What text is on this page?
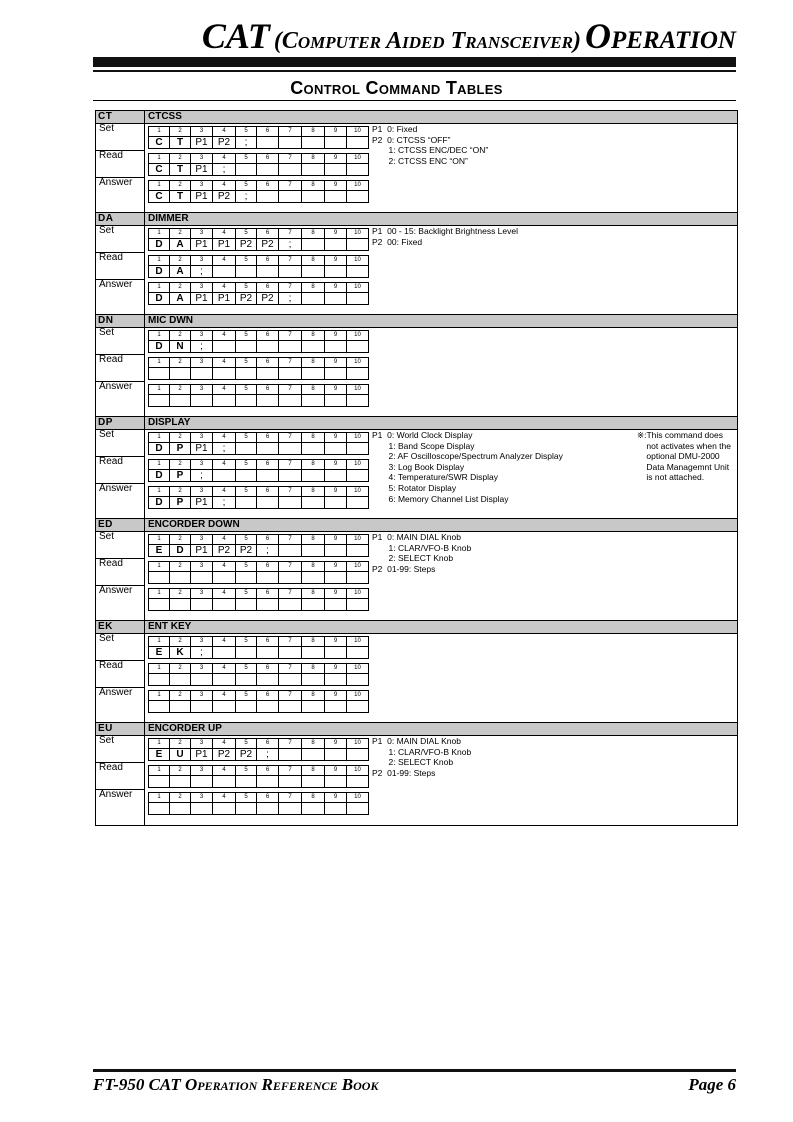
CAT (Computer Aided Transceiver) Operation
Control Command Tables
CT	CTCSS
Set	1	2	3	4	5	6	7	8	9	10
C	T	P1	P2	;					
Read	1	2	3	4	5	6	7	8	9	10
C	T	P1	;						
Answer	1	2	3	4	5	6	7	8	9	10
C	T	P1	P2	;					
P1  0: Fixed
P2  0: CTCSS “OFF”
1: CTCSS ENC/DEC “ON”
2: CTCSS ENC “ON”
DA	DIMMER
Set	1	2	3	4	5	6	7	8	9	10
D	A	P1	P1	P2	P2	;			
Read	1	2	3	4	5	6	7	8	9	10
D	A	;							
Answer	1	2	3	4	5	6	7	8	9	10
D	A	P1	P1	P2	P2	;			
P1  00 - 15: Backlight Brightness Level
P2  00: Fixed
DN	MIC DWN
Set	1	2	3	4	5	6	7	8	9	10
D	N	;							
Read	1	2	3	4	5	6	7	8	9	10

Answer	1	2	3	4	5	6	7	8	9	10

DP	DISPLAY
Set	1	2	3	4	5	6	7	8	9	10
D	P	P1	;						
Read	1	2	3	4	5	6	7	8	9	10
D	P	;							
Answer	1	2	3	4	5	6	7	8	9	10
D	P	P1	;						
P1  0: World Clock Display
1: Band Scope Display
2: AF Oscilloscope/Spectrum Analyzer Display
3: Log Book Display
4: Temperature/SWR Display
5: Rotator Display
6: Memory Channel List Display
※:This command does
not activates when the
optional DMU-2000
Data Managemnt Unit
is not attached.
ED	ENCORDER DOWN
Set	1	2	3	4	5	6	7	8	9	10
E	D	P1	P2	P2	;				
Read	1	2	3	4	5	6	7	8	9	10

Answer	1	2	3	4	5	6	7	8	9	10

P1  0: MAIN DIAL Knob
1: CLAR/VFO-B Knob
2: SELECT Knob
P2  01-99: Steps
EK	ENT KEY
Set	1	2	3	4	5	6	7	8	9	10
E	K	;							
Read	1	2	3	4	5	6	7	8	9	10

Answer	1	2	3	4	5	6	7	8	9	10

EU	ENCORDER UP
Set	1	2	3	4	5	6	7	8	9	10
E	U	P1	P2	P2	;				
Read	1	2	3	4	5	6	7	8	9	10

Answer	1	2	3	4	5	6	7	8	9	10

P1  0: MAIN DIAL Knob
1: CLAR/VFO-B Knob
2: SELECT Knob
P2  01-99: Steps
FT-950 CAT Operation Reference Book	Page 6
